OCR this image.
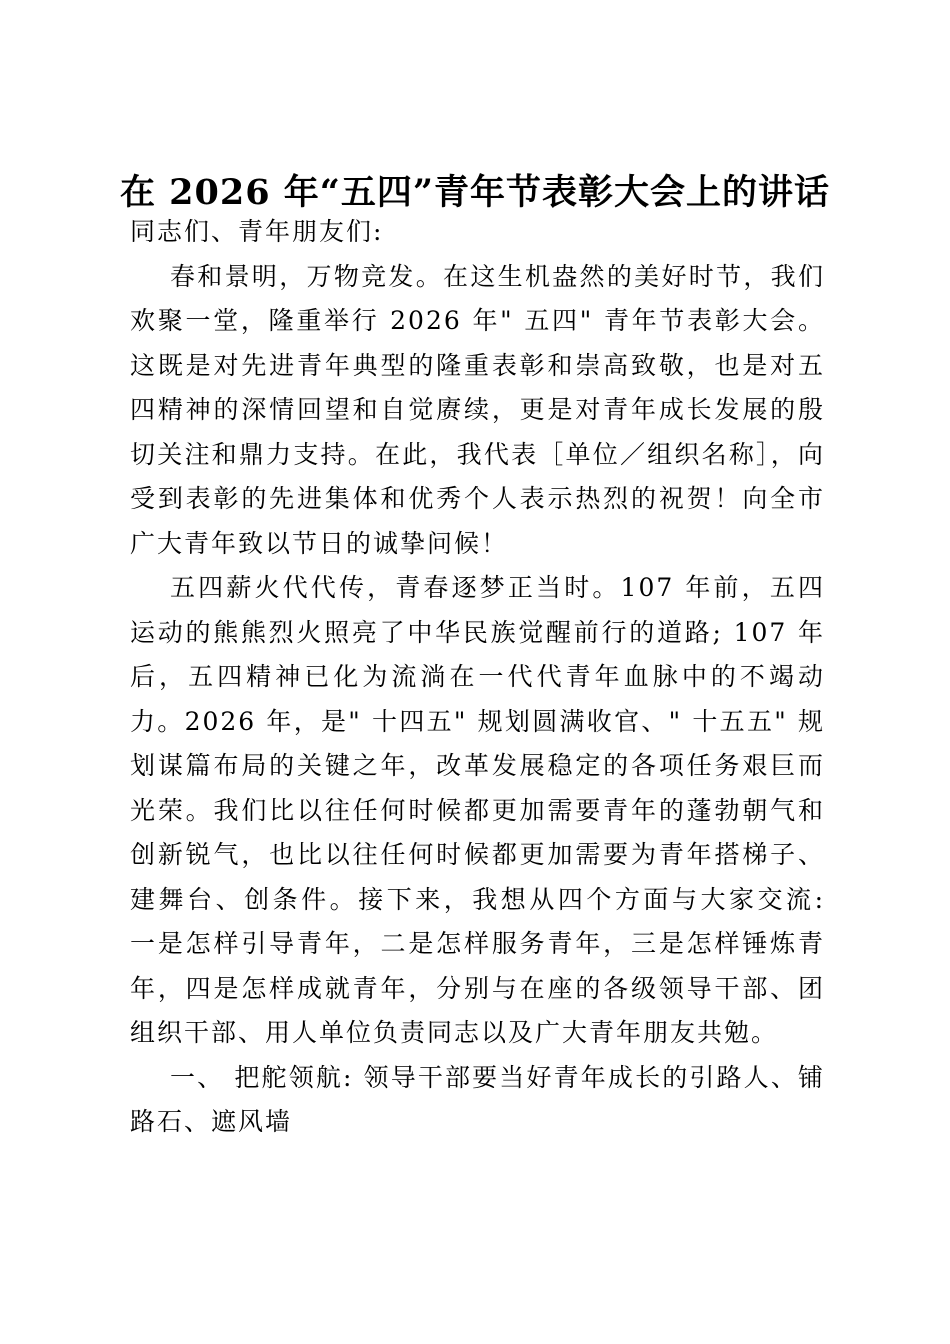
在 2026 年“五四”青年节表彰大会上的讲话

同志们、青年朋友们:

春和景明，万物竞发。在这生机盎然的美好时节，我们欢聚一堂，隆重举行 2026 年" 五四" 青年节表彰大会。这既是对先进青年典型的隆重表彰和崇高致敬，也是对五四精神的深情回望和自觉赓续，更是对青年成长发展的殷切关注和鼎力支持。在此，我代表［单位／组织名称］，向受到表彰的先进集体和优秀个人表示热烈的祝贺！向全市广大青年致以节日的诚挚问候！

五四薪火代代传，青春逐梦正当时。107 年前，五四运动的熊熊烈火照亮了中华民族觉醒前行的道路; 107 年后，五四精神已化为流淌在一代代青年血脉中的不竭动力。2026 年，是" 十四五" 规划圆满收官、" 十五五" 规划谋篇布局的关键之年，改革发展稳定的各项任务艰巨而光荣。我们比以往任何时候都更加需要青年的蓬勃朝气和创新锐气，也比以往任何时候都更加需要为青年搭梯子、建舞台、创条件。接下来，我想从四个方面与大家交流: 一是怎样引导青年，二是怎样服务青年，三是怎样锤炼青年，四是怎样成就青年，分别与在座的各级领导干部、团组织干部、用人单位负责同志以及广大青年朋友共勉。

一、 把舵领航: 领导干部要当好青年成长的引路人、铺路石、遮风墙
